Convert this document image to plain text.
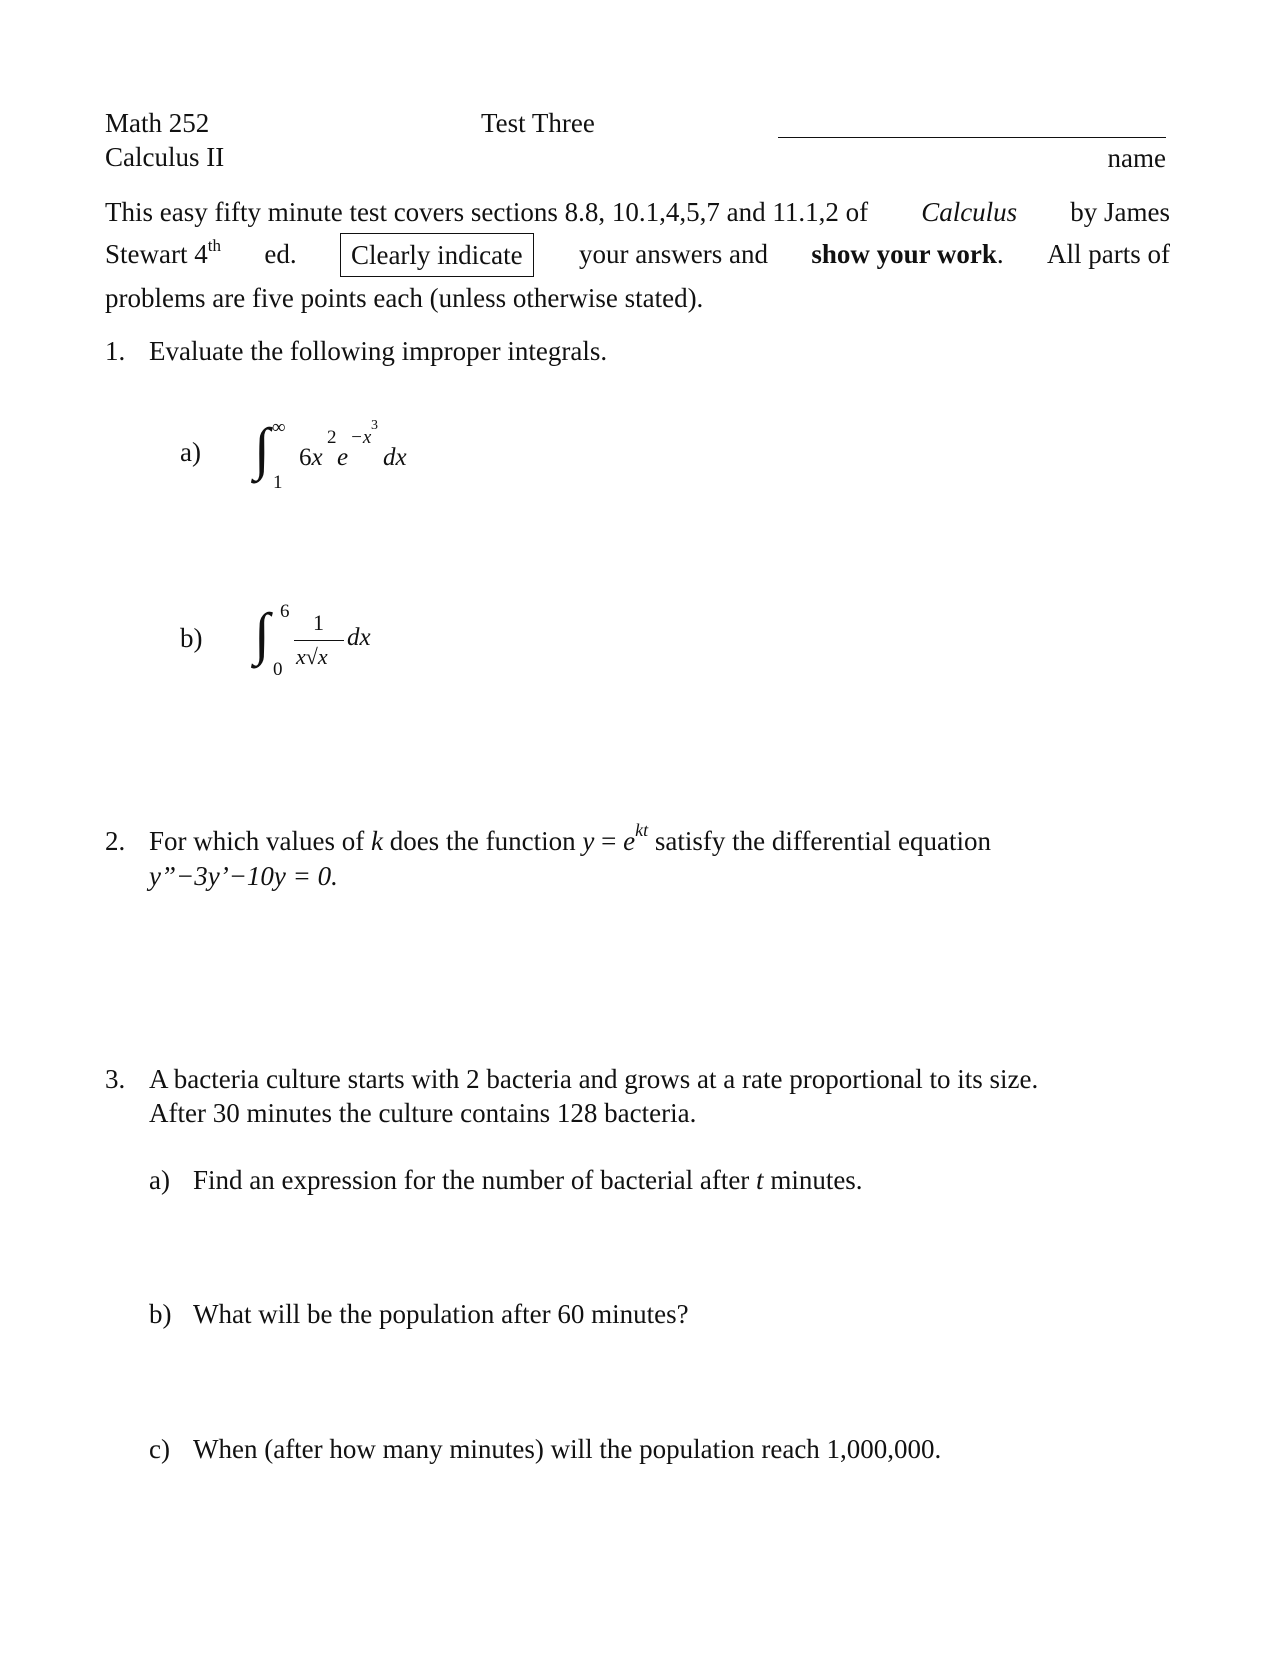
Math 252
Calculus II
Test Three
name
This easy fifty minute test covers sections 8.8, 10.1,4,5,7 and 11.1,2 of Calculus by James
Stewart 4th ed.	Clearly indicate	your answers and show your work. All parts of
problems are five points each (unless otherwise stated).
1. Evaluate the following improper integrals.
a) ∫ ∞
1
6x
2
e
−x
3
dx
b) ∫ 6
0
1
x√x
dx
2. For which values of k does the function $y = e^{kt}$ satisfy the differential equation
y”−3y’−10y = 0.
3. A bacteria culture starts with 2 bacteria and grows at a rate proportional to its size.
After 30 minutes the culture contains 128 bacteria.
a) Find an expression for the number of bacterial after t minutes.
b) What will be the population after 60 minutes?
c) When (after how many minutes) will the population reach 1,000,000.
